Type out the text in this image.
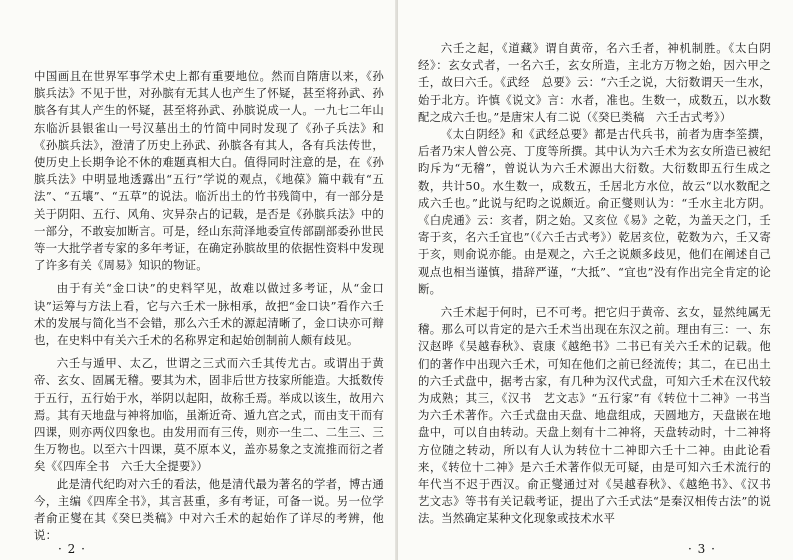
中国画且在世界军事学术史上都有重要地位。然而自隋唐以来，《孙膑兵法》不见于世，对孙膑有无其人也产生了怀疑，甚至将孙武、孙膑各有其人产生的怀疑，甚至将孙武、孙膑说成一人。一九七二年山东临沂县银雀山一号汉墓出土的竹简中同时发现了《孙子兵法》和《孙膑兵法》，澄清了历史上孙武、孙膑各有其人，各有兵法传世，使历史上长期争论不休的难题真相大白。值得同时注意的是，在《孙膑兵法》中明显地透露出“五行”学说的观点，《地葆》篇中载有“五法”、“五壤”、“五草”的说法。临沂出土的竹书残简中，有一部分是关于阴阳、五行、风角、灾异杂占的记载，是否是《孙膑兵法》中的一部分，不敢妄加断言。可是，经山东菏泽地委宣传部副部委孙世民等一大批学者专家的多年考证，在确定孙膑故里的依据性资料中发现了许多有关《周易》知识的物证。

由于有关“金口诀”的史料罕见，故难以做过多考证，从“金口诀”运筹与方法上看，它与六壬术一脉相承，故把“金口诀”看作六壬术的发展与简化当不会错，那么六壬术的源起清晰了，金口诀亦可辩也，在史料中有关六壬术的名称界定和起始创制前人颇有歧见。

六壬与遁甲、太乙，世谓之三式而六壬其传尤古。或谓出于黄帝、玄女、固属无稽。要其为术，固非后世方技家所能造。大抵数传于五行，五行始于水，举阴以起阳，故称壬焉。举成以该生，故用六焉。其有天地盘与神将加临，虽渐近奇、遁九宫之式，而由支干而有四课，则亦两仪四象也。由发用而有三传，则亦一生二、二生三、三生万物也。以至六十四课，莫不原本义，盖亦易象之支流推而衍之者矣《《四库全书　六壬大全提要》）

此是清代纪昀对六壬的看法，他是清代最为著名的学者，博古通今，主编《四库全书》，其言甚重，多有考证，可备一说。另一位学者俞正燮在其《癸巳类稿》中对六壬术的起始作了详尽的考辨，他说：

· 2 ·

六壬之起，《道藏》谓自黄帝，名六壬者，神机制胜。《太白阴经》：玄女式者，一名六壬，玄女所造，主北方万物之始，因六甲之壬，故曰六壬。《武经　总要》云：“六壬之说，大衍数谓天一生水，始于北方。许慎《说文》言：水者，准也。生数一，成数五，以水数配之成六壬也。”是唐宋人有二说（《癸巳类稿　六壬古式考》）

《太白阴经》和《武经总要》都是古代兵书，前者为唐李筌撰，后者乃宋人曾公亮、丁度等所撰。其中认为六壬术为玄女所造已被纪昀斥为“无稽”，曾说认为六壬术源出大衍数。大衍数即五行生成之数，共计50。水生数一，成数五，壬居北方水位，故云“以水数配之成六壬也。”此说与纪昀之说颇近。俞正燮则认为：“壬水主北方阴。《白虎通》云：亥者，阴之始。又亥位《易》之乾，为盖天之门，壬寄于亥，名六壬宜也”（《六壬古式考》）乾居亥位，乾数为六，壬又寄于亥，则俞说亦能。由是观之，六壬之说颇多歧见，他们在阐述自己观点也相当谨慎，措辞严谨，“大抵”、“宜也”没有作出完全肯定的论断。

六壬术起于何时，已不可考。把它归于黄帝、玄女，显然纯属无稽。那么可以肯定的是六壬术当出现在东汉之前。理由有三：一、东汉赵晔《吴越春秋》、袁康《越绝书》二书已有关六壬术的记载。他们的著作中出现六壬术，可知在他们之前已经流传；其二，在已出土的六壬式盘中，据考古家，有几种为汉代式盘，可知六壬术在汉代较为成熟；其三，《汉书　艺文志》“五行家”有《转位十二神》一书当为六壬术著作。六壬式盘由天盘、地盘组成，天圆地方，天盘嵌在地盘中，可以自由转动。天盘上刻有十二神将，天盘转动时，十二神将方位随之转动，所以有人认为转位十二神即六壬十二神。由此论看来，《转位十二神》是六壬术著作似无可疑，由是可知六壬术流行的年代当不迟于西汉。俞正燮通过对《吴越春秋》、《越绝书》、《汉书　艺文志》等书有关记载考证，提出了六壬式法“是秦汉相传古法”的说法。当然确定某种文化现象或技术水平

· 3 ·
